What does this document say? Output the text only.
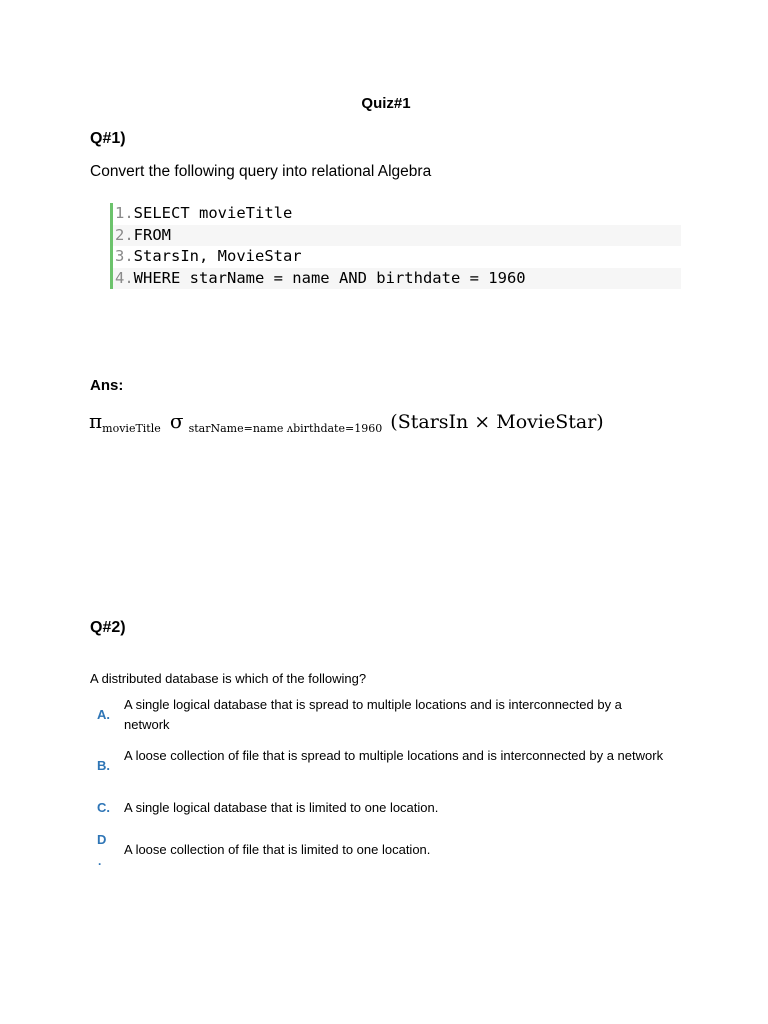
Quiz#1
Q#1)
Convert the following query into relational Algebra
1.SELECT movieTitle
2.FROM
3.StarsIn, MovieStar
4.WHERE starName = name AND birthdate = 1960
Ans:
$\pi_{movieTitle}$ σ $_{starName=name ʌbirthdate=1960}$ (StarsIn × MovieStar)
Q#2)
A distributed database is which of the following?
A.
A single logical database that is spread to multiple locations and is interconnected by a network
B.
A loose collection of file that is spread to multiple locations and is interconnected by a network
C. A single logical database that is limited to one location.
D
.
A loose collection of file that is limited to one location.
